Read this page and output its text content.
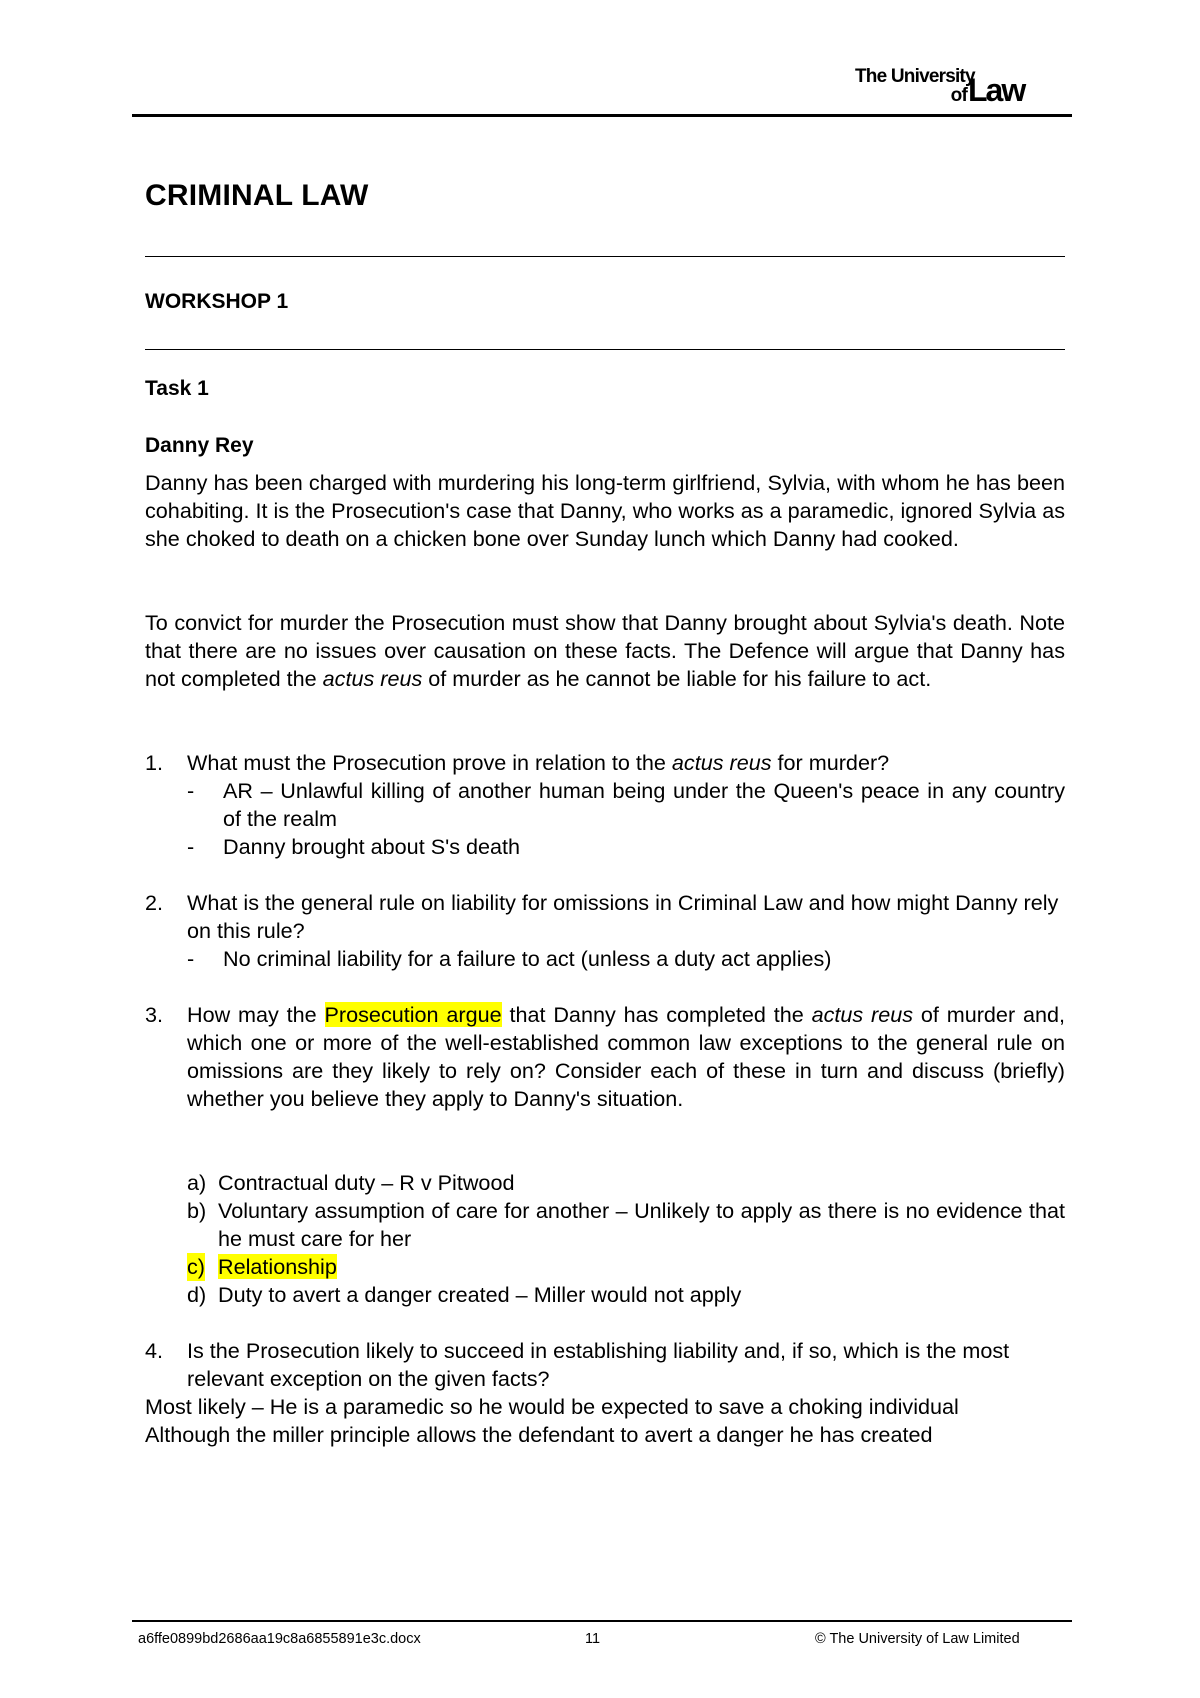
The University
of Law
CRIMINAL LAW
WORKSHOP 1
Task 1
Danny Rey

Danny has been charged with murdering his long-term girlfriend, Sylvia, with whom he has been cohabiting. It is the Prosecution's case that Danny, who works as a paramedic, ignored Sylvia as she choked to death on a chicken bone over Sunday lunch which Danny had cooked.

To convict for murder the Prosecution must show that Danny brought about Sylvia's death. Note that there are no issues over causation on these facts. The Defence will argue that Danny has not completed the actus reus of murder as he cannot be liable for his failure to act.

1. What must the Prosecution prove in relation to the actus reus for murder?

- AR – Unlawful killing of another human being under the Queen's peace in any country of the realm

- Danny brought about S's death

2. What is the general rule on liability for omissions in Criminal Law and how might Danny rely on this rule?

- No criminal liability for a failure to act (unless a duty act applies)

3. How may the Prosecution argue that Danny has completed the actus reus of murder and, which one or more of the well-established common law exceptions to the general rule on omissions are they likely to rely on? Consider each of these in turn and discuss (briefly) whether you believe they apply to Danny's situation.

a) Contractual duty – R v Pitwood

b) Voluntary assumption of care for another – Unlikely to apply as there is no evidence that he must care for her

c) Relationship

d) Duty to avert a danger created – Miller would not apply

4. Is the Prosecution likely to succeed in establishing liability and, if so, which is the most relevant exception on the given facts?

Most likely – He is a paramedic so he would be expected to save a choking individual

Although the miller principle allows the defendant to avert a danger he has created

a6ffe0899bd2686aa19c8a6855891e3c.docx	11	© The University of Law Limited
